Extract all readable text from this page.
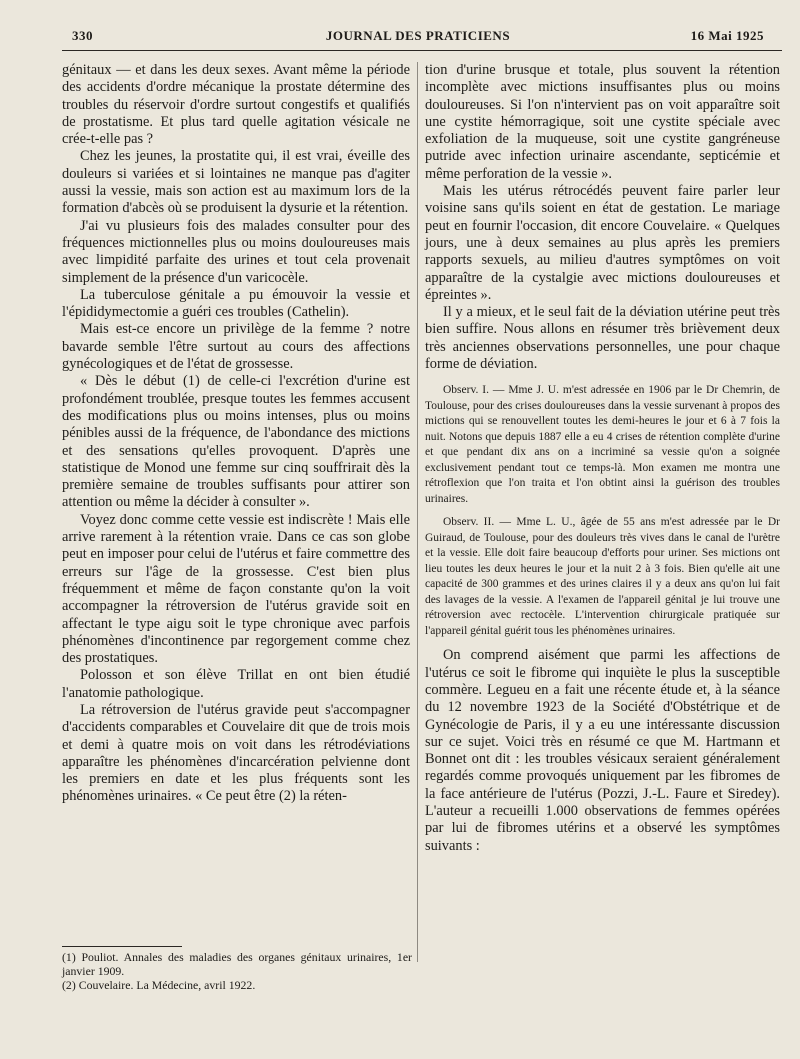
330	JOURNAL DES PRATICIENS	16 Mai 1925

génitaux — et dans les deux sexes. Avant même la période des accidents d'ordre mécanique la prostate détermine des troubles du réservoir d'ordre surtout congestifs et qualifiés de prostatisme. Et plus tard quelle agitation vésicale ne crée-t-elle pas ?

Chez les jeunes, la prostatite qui, il est vrai, éveille des douleurs si variées et si lointaines ne manque pas d'agiter aussi la vessie, mais son action est au maximum lors de la formation d'abcès où se produisent la dysurie et la rétention.

J'ai vu plusieurs fois des malades consulter pour des fréquences mictionnelles plus ou moins douloureuses mais avec limpidité parfaite des urines et tout cela provenait simplement de la présence d'un varicocèle.

La tuberculose génitale a pu émouvoir la vessie et l'épididymectomie a guéri ces troubles (Cathelin).

Mais est-ce encore un privilège de la femme ? notre bavarde semble l'être surtout au cours des affections gynécologiques et de l'état de grossesse.

« Dès le début (1) de celle-ci l'excrétion d'urine est profondément troublée, presque toutes les femmes accusent des modifications plus ou moins intenses, plus ou moins pénibles aussi de la fréquence, de l'abondance des mictions et des sensations qu'elles provoquent. D'après une statistique de Monod une femme sur cinq souffrirait dès la première semaine de troubles suffisants pour attirer son attention ou même la décider à consulter ».

Voyez donc comme cette vessie est indiscrète ! Mais elle arrive rarement à la rétention vraie. Dans ce cas son globe peut en imposer pour celui de l'utérus et faire commettre des erreurs sur l'âge de la grossesse. C'est bien plus fréquemment et même de façon constante qu'on la voit accompagner la rétroversion de l'utérus gravide soit en affectant le type aigu soit le type chronique avec parfois phénomènes d'incontinence par regorgement comme chez des prostatiques.

Polosson et son élève Trillat en ont bien étudié l'anatomie pathologique.

La rétroversion de l'utérus gravide peut s'accompagner d'accidents comparables et Couvelaire dit que de trois mois et demi à quatre mois on voit dans les rétrodéviations apparaître les phénomènes d'incarcération pelvienne dont les premiers en date et les plus fréquents sont les phénomènes urinaires. « Ce peut être (2) la réten-

tion d'urine brusque et totale, plus souvent la rétention incomplète avec mictions insuffisantes plus ou moins douloureuses. Si l'on n'intervient pas on voit apparaître soit une cystite hémorragique, soit une cystite spéciale avec exfoliation de la muqueuse, soit une cystite gangréneuse putride avec infection urinaire ascendante, septicémie et même perforation de la vessie ».

Mais les utérus rétrocédés peuvent faire parler leur voisine sans qu'ils soient en état de gestation. Le mariage peut en fournir l'occasion, dit encore Couvelaire. « Quelques jours, une à deux semaines au plus après les premiers rapports sexuels, au milieu d'autres symptômes on voit apparaître de la cystalgie avec mictions douloureuses et épreintes ».

Il y a mieux, et le seul fait de la déviation utérine peut très bien suffire. Nous allons en résumer très brièvement deux très anciennes observations personnelles, une pour chaque forme de déviation.

Observ. I. — Mme J. U. m'est adressée en 1906 par le Dr Chemrin, de Toulouse, pour des crises douloureuses dans la vessie survenant à propos des mictions qui se renouvellent toutes les demi-heures le jour et 6 à 7 fois la nuit. Notons que depuis 1887 elle a eu 4 crises de rétention complète d'urine et que pendant dix ans on a incriminé sa vessie qu'on a soignée exclusivement pendant tout ce temps-là. Mon examen me montra une rétroflexion que l'on traita et l'on obtint ainsi la guérison des troubles urinaires.

Observ. II. — Mme L. U., âgée de 55 ans m'est adressée par le Dr Guiraud, de Toulouse, pour des douleurs très vives dans le canal de l'urètre et la vessie. Elle doit faire beaucoup d'efforts pour uriner. Ses mictions ont lieu toutes les deux heures le jour et la nuit 2 à 3 fois. Bien qu'elle ait une capacité de 300 grammes et des urines claires il y a deux ans qu'on lui fait des lavages de la vessie. A l'examen de l'appareil génital je lui trouve une rétroversion avec rectocèle. L'intervention chirurgicale pratiquée sur l'appareil génital guérit tous les phénomènes urinaires.

On comprend aisément que parmi les affections de l'utérus ce soit le fibrome qui inquiète le plus la susceptible commère. Legueu en a fait une récente étude et, à la séance du 12 novembre 1923 de la Société d'Obstétrique et de Gynécologie de Paris, il y a eu une intéressante discussion sur ce sujet. Voici très en résumé ce que M. Hartmann et Bonnet ont dit : les troubles vésicaux seraient généralement regardés comme provoqués uniquement par les fibromes de la face antérieure de l'utérus (Pozzi, J.-L. Faure et Siredey). L'auteur a recueilli 1.000 observations de femmes opérées par lui de fibromes utérins et a observé les symptômes suivants :

(1) Pouliot. Annales des maladies des organes génitaux urinaires, 1er janvier 1909.
(2) Couvelaire. La Médecine, avril 1922.
